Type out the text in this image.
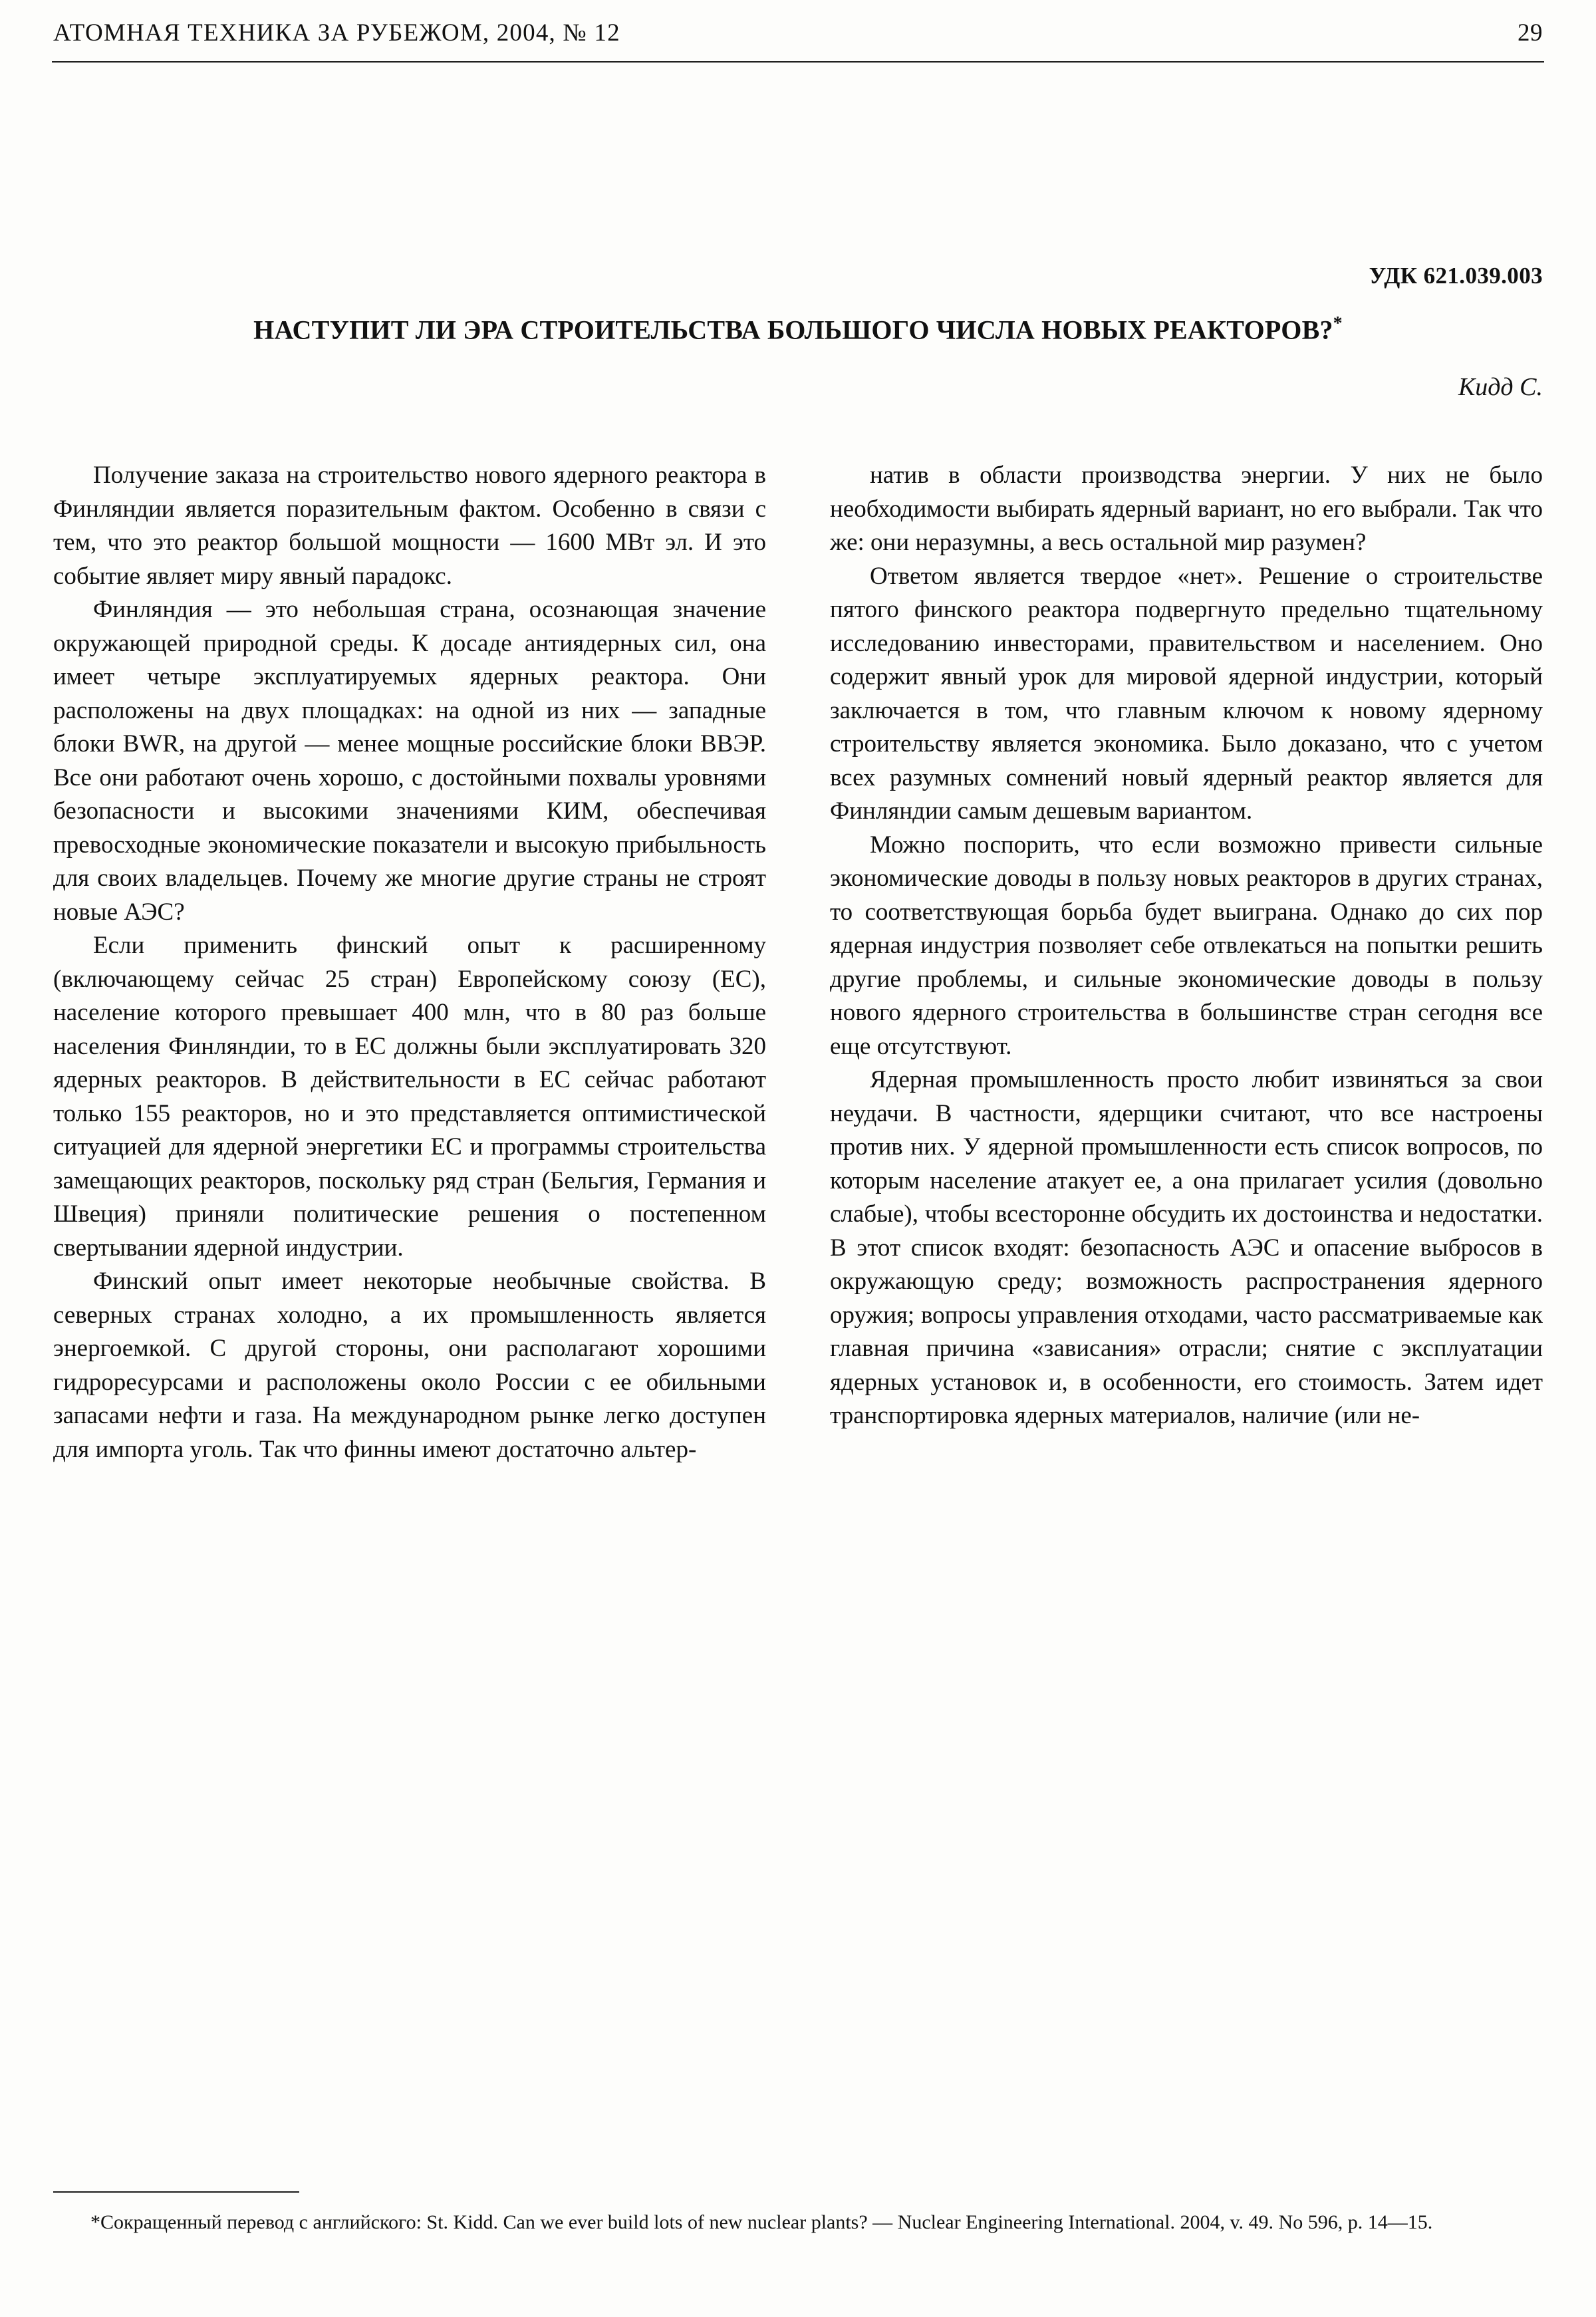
АТОМНАЯ ТЕХНИКА ЗА РУБЕЖОМ, 2004, № 12	29
УДК 621.039.003
НАСТУПИТ ЛИ ЭРА СТРОИТЕЛЬСТВА БОЛЬШОГО ЧИСЛА НОВЫХ РЕАКТОРОВ?*
Кидд С.

Получение заказа на строительство нового ядерного реактора в Финляндии является поразительным фактом. Особенно в связи с тем, что это реактор большой мощности — 1600 МВт эл. И это событие являет миру явный парадокс.

Финляндия — это небольшая страна, осознающая значение окружающей природной среды. К досаде антиядерных сил, она имеет четыре эксплуатируемых ядерных реактора. Они расположены на двух площадках: на одной из них — западные блоки BWR, на другой — менее мощные российские блоки ВВЭР. Все они работают очень хорошо, с достойными похвалы уровнями безопасности и высокими значениями КИМ, обеспечивая превосходные экономические показатели и высокую прибыльность для своих владельцев. Почему же многие другие страны не строят новые АЭС?

Если применить финский опыт к расширенному (включающему сейчас 25 стран) Европейскому союзу (ЕС), население которого превышает 400 млн, что в 80 раз больше населения Финляндии, то в ЕС должны были эксплуатировать 320 ядерных реакторов. В действительности в ЕС сейчас работают только 155 реакторов, но и это представляется оптимистической ситуацией для ядерной энергетики ЕС и программы строительства замещающих реакторов, поскольку ряд стран (Бельгия, Германия и Швеция) приняли политические решения о постепенном свертывании ядерной индустрии.

Финский опыт имеет некоторые необычные свойства. В северных странах холодно, а их промышленность является энергоемкой. С другой стороны, они располагают хорошими гидроресурсами и расположены около России с ее обильными запасами нефти и газа. На международном рынке легко доступен для импорта уголь. Так что финны имеют достаточно альтер-

натив в области производства энергии. У них не было необходимости выбирать ядерный вариант, но его выбрали. Так что же: они неразумны, а весь остальной мир разумен?

Ответом является твердое «нет». Решение о строительстве пятого финского реактора подвергнуто предельно тщательному исследованию инвесторами, правительством и населением. Оно содержит явный урок для мировой ядерной индустрии, который заключается в том, что главным ключом к новому ядерному строительству является экономика. Было доказано, что с учетом всех разумных сомнений новый ядерный реактор является для Финляндии самым дешевым вариантом.

Можно поспорить, что если возможно привести сильные экономические доводы в пользу новых реакторов в других странах, то соответствующая борьба будет выиграна. Однако до сих пор ядерная индустрия позволяет себе отвлекаться на попытки решить другие проблемы, и сильные экономические доводы в пользу нового ядерного строительства в большинстве стран сегодня все еще отсутствуют.

Ядерная промышленность просто любит извиняться за свои неудачи. В частности, ядерщики считают, что все настроены против них. У ядерной промышленности есть список вопросов, по которым население атакует ее, а она прилагает усилия (довольно слабые), чтобы всесторонне обсудить их достоинства и недостатки. В этот список входят: безопасность АЭС и опасение выбросов в окружающую среду; возможность распространения ядерного оружия; вопросы управления отходами, часто рассматриваемые как главная причина «зависания» отрасли; снятие с эксплуатации ядерных установок и, в особенности, его стоимость. Затем идет транспортировка ядерных материалов, наличие (или не-

*Сокращенный перевод с английского: St. Kidd. Can we ever build lots of new nuclear plants? — Nuclear Engineering International. 2004, v. 49. No 596, p. 14—15.
